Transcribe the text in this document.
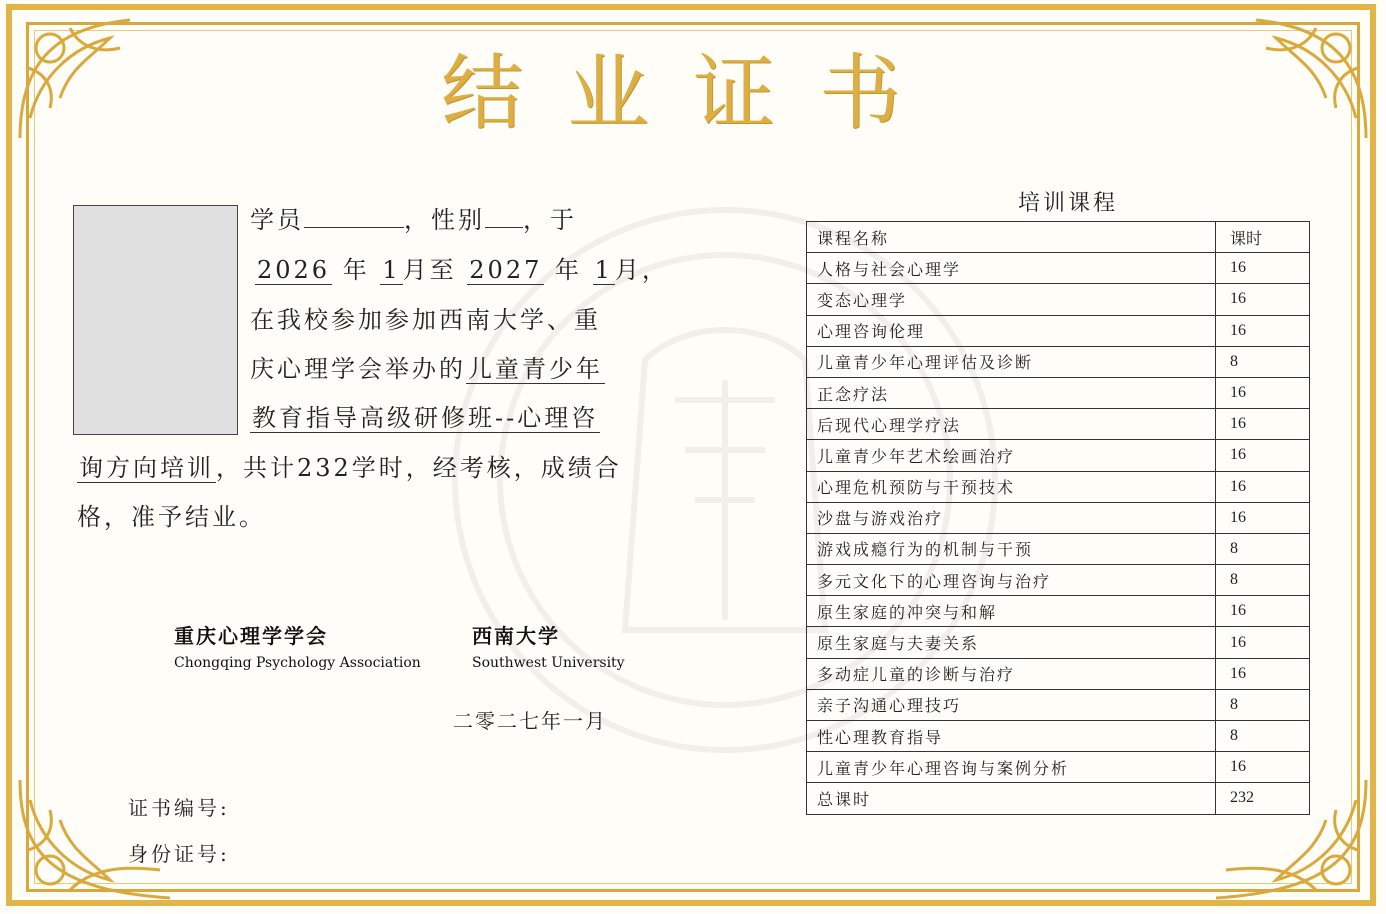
结业证书
学员	，性别 ，于
2026 年 1月至 2027 年 1月，
在我校参加参加西南大学、重
庆心理学会举办的儿童青少年
教育指导高级研修班--心理咨
询方向培训，共计232学时，经考核，成绩合
格，准予结业。
重庆心理学学会
Chongqing Psychology Association
西南大学
Southwest University
二零二七年一月
证书编号:
身份证号:
培训课程
课程名称	课时
人格与社会心理学	16
变态心理学	16
心理咨询伦理	16
儿童青少年心理评估及诊断	8
正念疗法	16
后现代心理学疗法	16
儿童青少年艺术绘画治疗	16
心理危机预防与干预技术	16
沙盘与游戏治疗	16
游戏成瘾行为的机制与干预	8
多元文化下的心理咨询与治疗	8
原生家庭的冲突与和解	16
原生家庭与夫妻关系	16
多动症儿童的诊断与治疗	16
亲子沟通心理技巧	8
性心理教育指导	8
儿童青少年心理咨询与案例分析	16
总课时	232
